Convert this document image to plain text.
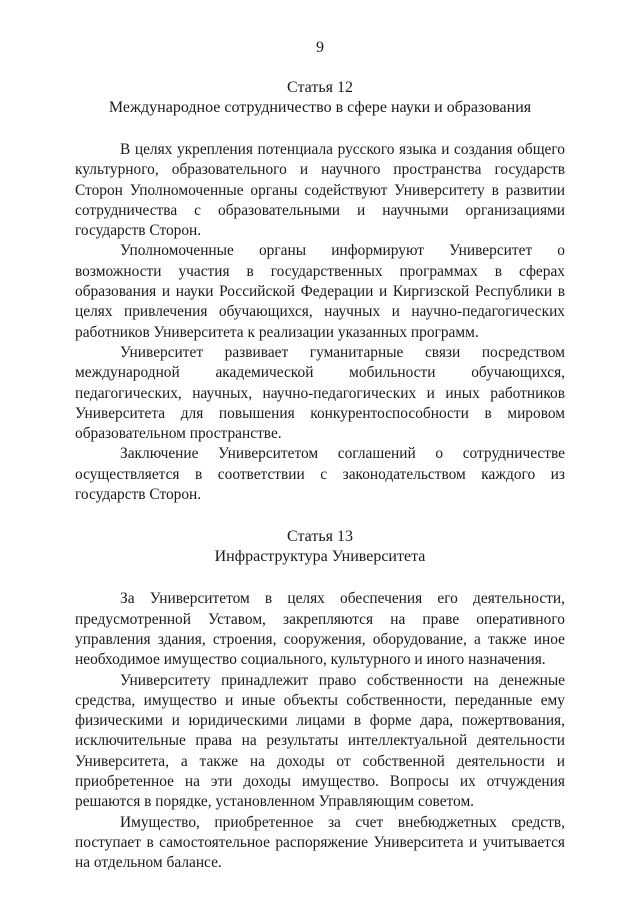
9

Статья 12

Международное сотрудничество в сфере науки и образования

В целях укрепления потенциала русского языка и создания общего культурного, образовательного и научного пространства государств Сторон Уполномоченные органы содействуют Университету в развитии сотрудничества с образовательными и научными организациями государств Сторон.

Уполномоченные органы информируют Университет о возможности участия в государственных программах в сферах образования и науки Российской Федерации и Киргизской Республики в целях привлечения обучающихся, научных и научно-педагогических работников Университета к реализации указанных программ.

Университет развивает гуманитарные связи посредством международной академической мобильности обучающихся, педагогических, научных, научно-педагогических и иных работников Университета для повышения конкурентоспособности в мировом образовательном пространстве.

Заключение Университетом соглашений о сотрудничестве осуществляется в соответствии с законодательством каждого из государств Сторон.

Статья 13

Инфраструктура Университета

За Университетом в целях обеспечения его деятельности, предусмотренной Уставом, закрепляются на праве оперативного управления здания, строения, сооружения, оборудование, а также иное необходимое имущество социального, культурного и иного назначения.

Университету принадлежит право собственности на денежные средства, имущество и иные объекты собственности, переданные ему физическими и юридическими лицами в форме дара, пожертвования, исключительные права на результаты интеллектуальной деятельности Университета, а также на доходы от собственной деятельности и приобретенное на эти доходы имущество. Вопросы их отчуждения решаются в порядке, установленном Управляющим советом.

Имущество, приобретенное за счет внебюджетных средств, поступает в самостоятельное распоряжение Университета и учитывается на отдельном балансе.
